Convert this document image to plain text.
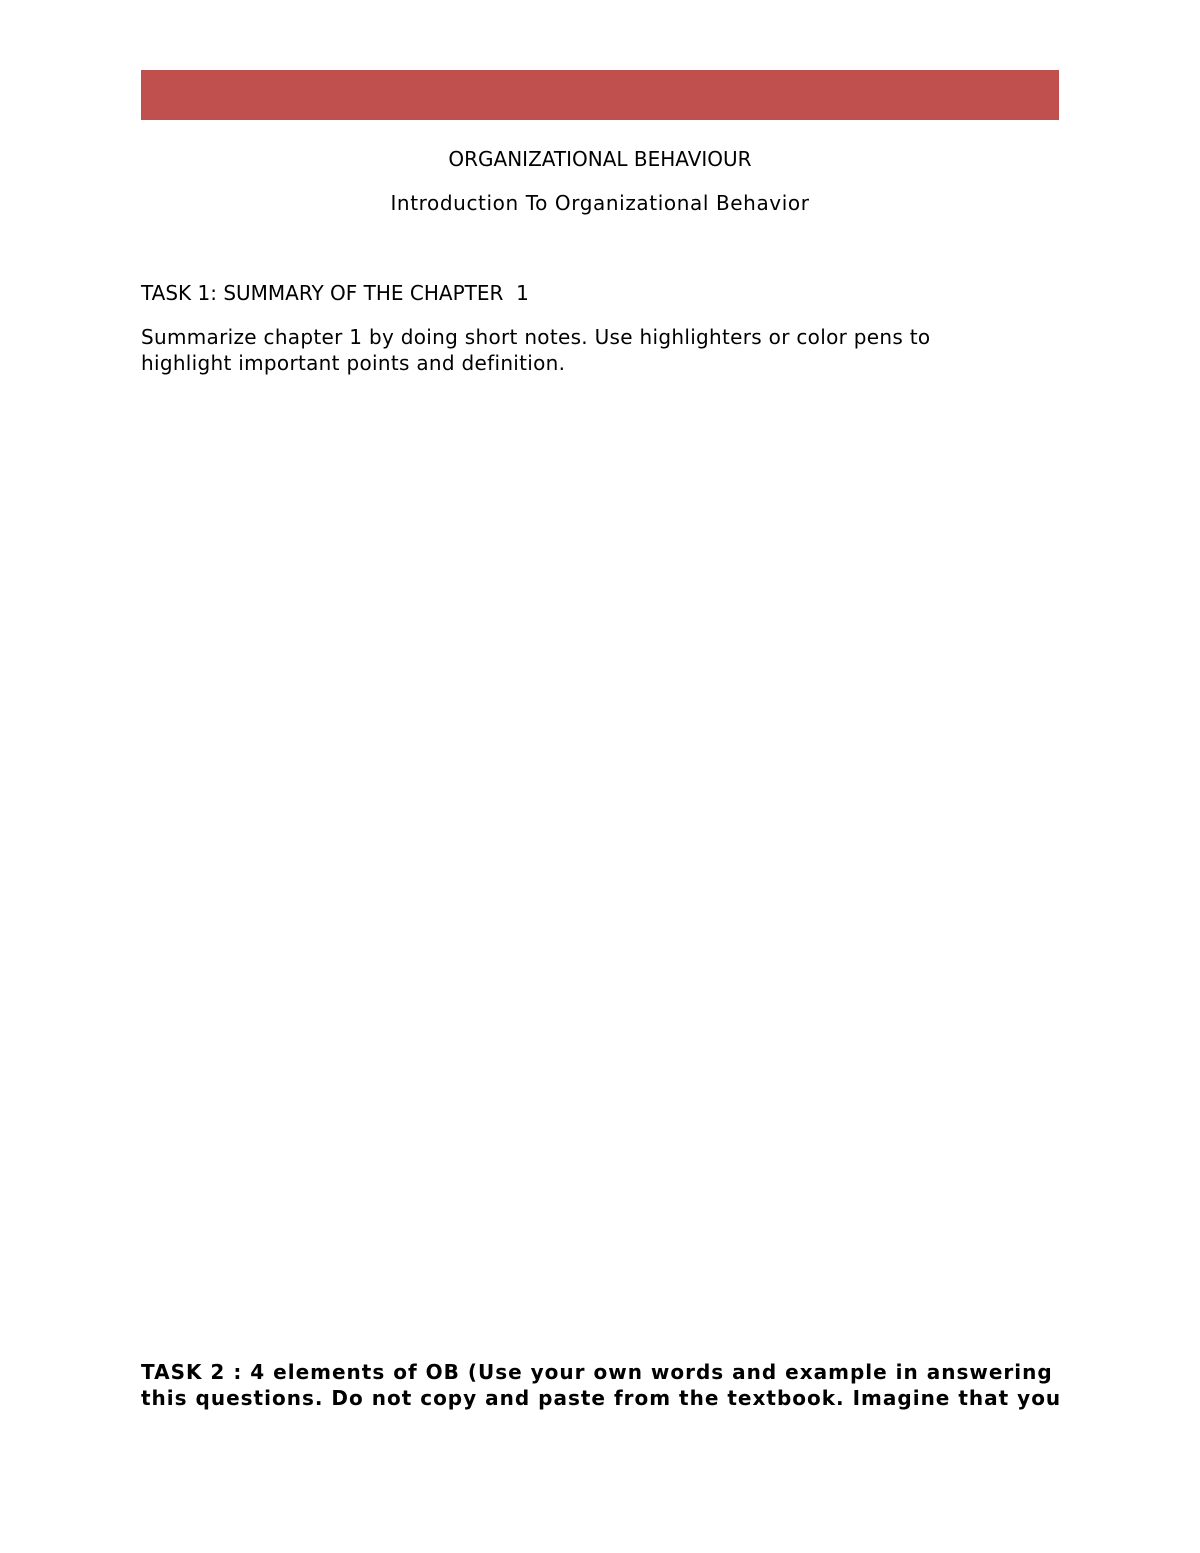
ORGANIZATIONAL BEHAVIOUR
Introduction To Organizational Behavior
TASK 1: SUMMARY OF THE CHAPTER  1
Summarize chapter 1 by doing short notes. Use highlighters or color pens to
highlight important points and definition.
TASK 2 : 4 elements of OB (Use your own words and example in answering
this questions. Do not copy and paste from the textbook. Imagine that you
